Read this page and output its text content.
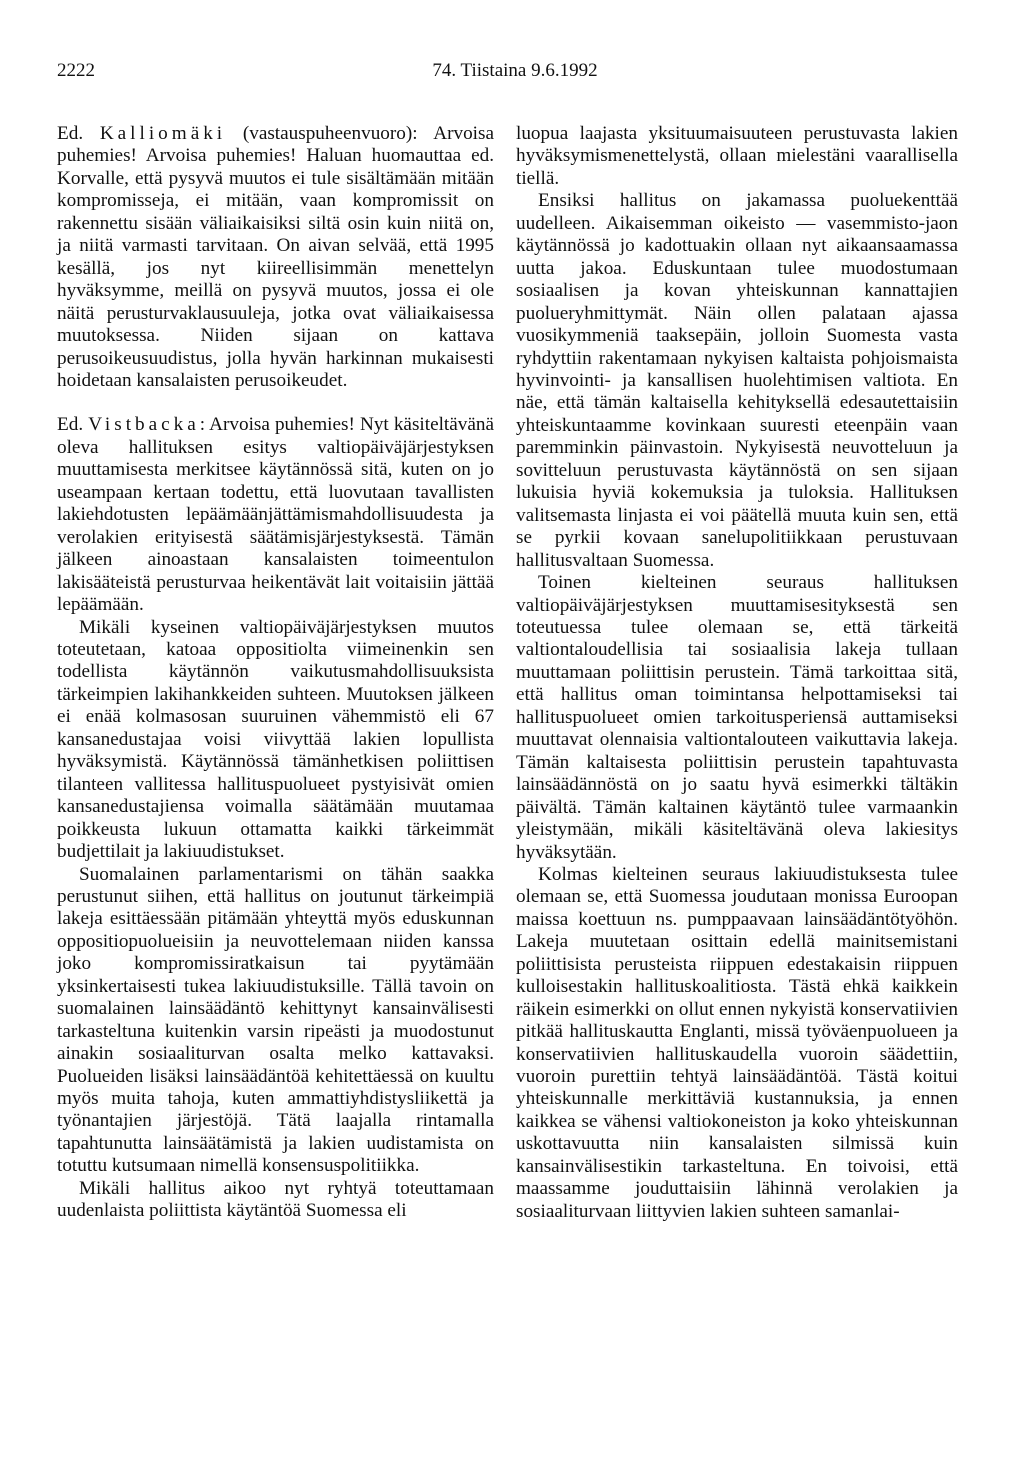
2222	74. Tiistaina 9.6.1992

Ed. Kalliomäki (vastauspuheenvuoro): Arvoisa puhemies! Arvoisa puhemies! Haluan huomauttaa ed. Korvalle, että pysyvä muutos ei tule sisältämään mitään kompromisseja, ei mitään, vaan kompromissit on rakennettu sisään väliaikaisiksi siltä osin kuin niitä on, ja niitä varmasti tarvitaan. On aivan selvää, että 1995 kesällä, jos nyt kiireellisimmän menettelyn hyväksymme, meillä on pysyvä muutos, jossa ei ole näitä perusturvaklausuuleja, jotka ovat väliaikaisessa muutoksessa. Niiden sijaan on kattava perusoikeusuudistus, jolla hyvän harkinnan mukaisesti hoidetaan kansalaisten perusoikeudet.

Ed. Vistbacka: Arvoisa puhemies! Nyt käsiteltävänä oleva hallituksen esitys valtiopäiväjärjestyksen muuttamisesta merkitsee käytännössä sitä, kuten on jo useampaan kertaan todettu, että luovutaan tavallisten lakiehdotusten lepäämäänjättämismahdollisuudesta ja verolakien erityisestä säätämisjärjestyksestä. Tämän jälkeen ainoastaan kansalaisten toimeentulon lakisääteistä perusturvaa heikentävät lait voitaisiin jättää lepäämään.

Mikäli kyseinen valtiopäiväjärjestyksen muutos toteutetaan, katoaa oppositiolta viimeinenkin sen todellista käytännön vaikutusmahdollisuuksista tärkeimpien lakihankkeiden suhteen. Muutoksen jälkeen ei enää kolmasosan suuruinen vähemmistö eli 67 kansanedustajaa voisi viivyttää lakien lopullista hyväksymistä. Käytännössä tämänhetkisen poliittisen tilanteen vallitessa hallituspuolueet pystyisivät omien kansanedustajiensa voimalla säätämään muutamaa poikkeusta lukuun ottamatta kaikki tärkeimmät budjettilait ja lakiuudistukset.

Suomalainen parlamentarismi on tähän saakka perustunut siihen, että hallitus on joutunut tärkeimpiä lakeja esittäessään pitämään yhteyttä myös eduskunnan oppositiopuolueisiin ja neuvottelemaan niiden kanssa joko kompromissiratkaisun tai pyytämään yksinkertaisesti tukea lakiuudistuksille. Tällä tavoin on suomalainen lainsäädäntö kehittynyt kansainvälisesti tarkasteltuna kuitenkin varsin ripeästi ja muodostunut ainakin sosiaaliturvan osalta melko kattavaksi. Puolueiden lisäksi lainsäädäntöä kehitettäessä on kuultu myös muita tahoja, kuten ammattiyhdistysliikettä ja työnantajien järjestöjä. Tätä laajalla rintamalla tapahtunutta lainsäätämistä ja lakien uudistamista on totuttu kutsumaan nimellä konsensuspolitiikka.

Mikäli hallitus aikoo nyt ryhtyä toteuttamaan uudenlaista poliittista käytäntöä Suomessa eli

luopua laajasta yksituumaisuuteen perustuvasta lakien hyväksymismenettelystä, ollaan mielestäni vaarallisella tiellä.

Ensiksi hallitus on jakamassa puoluekenttää uudelleen. Aikaisemman oikeisto — vasemmisto-jaon käytännössä jo kadottuakin ollaan nyt aikaansaamassa uutta jakoa. Eduskuntaan tulee muodostumaan sosiaalisen ja kovan yhteiskunnan kannattajien puolueryhmittymät. Näin ollen palataan ajassa vuosikymmeniä taaksepäin, jolloin Suomesta vasta ryhdyttiin rakentamaan nykyisen kaltaista pohjoismaista hyvinvointi- ja kansallisen huolehtimisen valtiota. En näe, että tämän kaltaisella kehityksellä edesautettaisiin yhteiskuntaamme kovinkaan suuresti eteenpäin vaan paremminkin päinvastoin. Nykyisestä neuvotteluun ja sovitteluun perustuvasta käytännöstä on sen sijaan lukuisia hyviä kokemuksia ja tuloksia. Hallituksen valitsemasta linjasta ei voi päätellä muuta kuin sen, että se pyrkii kovaan sanelupolitiikkaan perustuvaan hallitusvaltaan Suomessa.

Toinen kielteinen seuraus hallituksen valtiopäiväjärjestyksen muuttamisesityksestä sen toteutuessa tulee olemaan se, että tärkeitä valtiontaloudellisia tai sosiaalisia lakeja tullaan muuttamaan poliittisin perustein. Tämä tarkoittaa sitä, että hallitus oman toimintansa helpottamiseksi tai hallituspuolueet omien tarkoitusperiensä auttamiseksi muuttavat olennaisia valtiontalouteen vaikuttavia lakeja. Tämän kaltaisesta poliittisin perustein tapahtuvasta lainsäädännöstä on jo saatu hyvä esimerkki tältäkin päivältä. Tämän kaltainen käytäntö tulee varmaankin yleistymään, mikäli käsiteltävänä oleva lakiesitys hyväksytään.

Kolmas kielteinen seuraus lakiuudistuksesta tulee olemaan se, että Suomessa joudutaan monissa Euroopan maissa koettuun ns. pumppaavaan lainsäädäntötyöhön. Lakeja muutetaan osittain edellä mainitsemistani poliittisista perusteista riippuen edestakaisin riippuen kulloisestakin hallituskoalitiosta. Tästä ehkä kaikkein räikein esimerkki on ollut ennen nykyistä konservatiivien pitkää hallituskautta Englanti, missä työväenpuolueen ja konservatiivien hallituskaudella vuoroin säädettiin, vuoroin purettiin tehtyä lainsäädäntöä. Tästä koitui yhteiskunnalle merkittäviä kustannuksia, ja ennen kaikkea se vähensi valtiokoneiston ja koko yhteiskunnan uskottavuutta niin kansalaisten silmissä kuin kansainvälisestikin tarkasteltuna. En toivoisi, että maassamme jouduttaisiin lähinnä verolakien ja sosiaaliturvaan liittyvien lakien suhteen samanlai-
